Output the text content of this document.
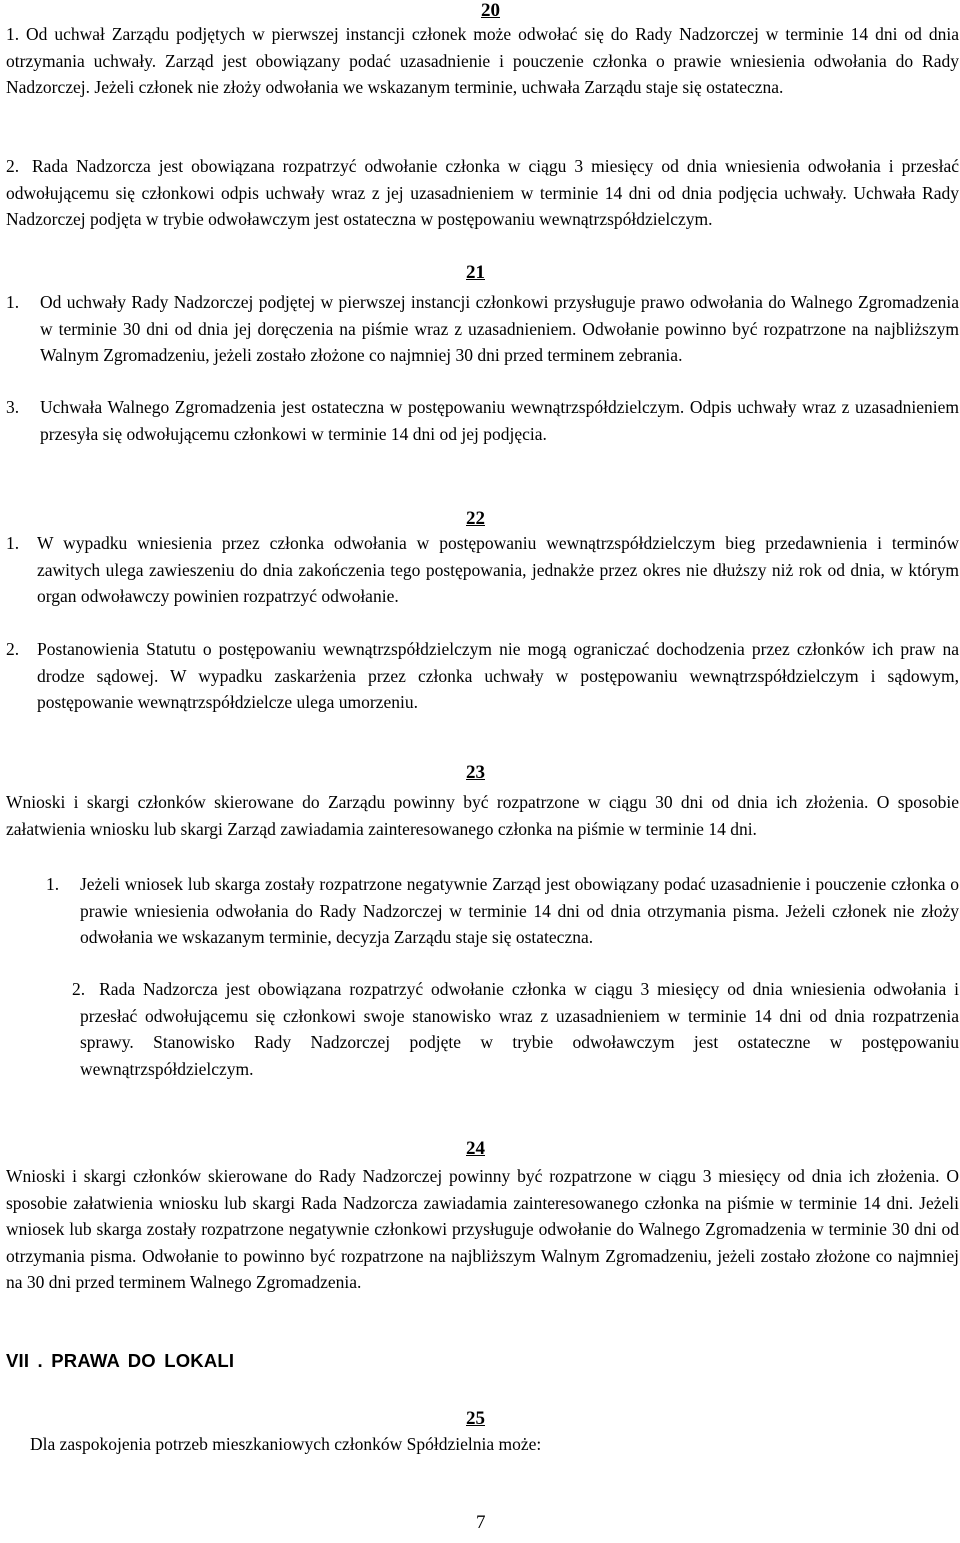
20
1. Od uchwał Zarządu podjętych w pierwszej instancji członek może odwołać się do Rady Nadzorczej w terminie 14 dni od dnia otrzymania uchwały. Zarząd jest obowiązany podać uzasadnienie i pouczenie członka o prawie wniesienia odwołania do Rady Nadzorczej. Jeżeli członek nie złoży odwołania we wskazanym terminie, uchwała Zarządu staje się ostateczna.
2. Rada Nadzorcza jest obowiązana rozpatrzyć odwołanie członka w ciągu 3 miesięcy od dnia wniesienia odwołania i przesłać odwołującemu się członkowi odpis uchwały wraz z jej uzasadnieniem w terminie 14 dni od dnia podjęcia uchwały. Uchwała Rady Nadzorczej podjęta w trybie odwoławczym jest ostateczna w postępowaniu wewnątrzspółdzielczym.
21
1.	Od uchwały Rady Nadzorczej podjętej w pierwszej instancji członkowi przysługuje prawo odwołania do Walnego Zgromadzenia w terminie 30 dni od dnia jej doręczenia na piśmie wraz z uzasadnieniem. Odwołanie powinno być rozpatrzone na najbliższym Walnym Zgromadzeniu, jeżeli zostało złożone co najmniej 30 dni przed terminem zebrania.
3.	Uchwała Walnego Zgromadzenia jest ostateczna w postępowaniu wewnątrzspółdzielczym. Odpis uchwały wraz z uzasadnieniem przesyła się odwołującemu członkowi w terminie 14 dni od jej podjęcia.
22
1.	W wypadku wniesienia przez członka odwołania w postępowaniu wewnątrzspółdzielczym bieg przedawnienia i terminów zawitych ulega zawieszeniu do dnia zakończenia tego postępowania, jednakże przez okres nie dłuższy niż rok od dnia, w którym organ odwoławczy powinien rozpatrzyć odwołanie.
2.	Postanowienia Statutu o postępowaniu wewnątrzspółdzielczym nie mogą ograniczać dochodzenia przez członków ich praw na drodze sądowej. W wypadku zaskarżenia przez członka uchwały w postępowaniu wewnątrzspółdzielczym i sądowym, postępowanie wewnątrzspółdzielcze ulega umorzeniu.
23
Wnioski i skargi członków skierowane do Zarządu powinny być rozpatrzone w ciągu 30 dni od dnia ich złożenia. O sposobie załatwienia wniosku lub skargi Zarząd zawiadamia zainteresowanego członka na piśmie w terminie 14 dni.
1.	Jeżeli wniosek lub skarga zostały rozpatrzone negatywnie Zarząd jest obowiązany podać uzasadnienie i pouczenie członka o prawie wniesienia odwołania do Rady Nadzorczej w terminie 14 dni od dnia otrzymania pisma. Jeżeli członek nie złoży odwołania we wskazanym terminie, decyzja Zarządu staje się ostateczna.
2. Rada Nadzorcza jest obowiązana rozpatrzyć odwołanie członka w ciągu 3 miesięcy od dnia wniesienia odwołania i przesłać odwołującemu się członkowi swoje stanowisko wraz z uzasadnieniem w terminie 14 dni od dnia rozpatrzenia sprawy. Stanowisko Rady Nadzorczej podjęte w trybie odwoławczym jest ostateczne w postępowaniu wewnątrzspółdzielczym.
24
Wnioski i skargi członków skierowane do Rady Nadzorczej powinny być rozpatrzone w ciągu 3 miesięcy od dnia ich złożenia. O sposobie załatwienia wniosku lub skargi Rada Nadzorcza zawiadamia zainteresowanego członka na piśmie w terminie 14 dni. Jeżeli wniosek lub skarga zostały rozpatrzone negatywnie członkowi przysługuje odwołanie do Walnego Zgromadzenia w terminie 30 dni od otrzymania pisma. Odwołanie to powinno być rozpatrzone na najbliższym Walnym Zgromadzeniu, jeżeli zostało złożone co najmniej na 30 dni przed terminem Walnego Zgromadzenia.
VII . PRAWA DO LOKALI
25
Dla zaspokojenia potrzeb mieszkaniowych członków Spółdzielnia może:
7
